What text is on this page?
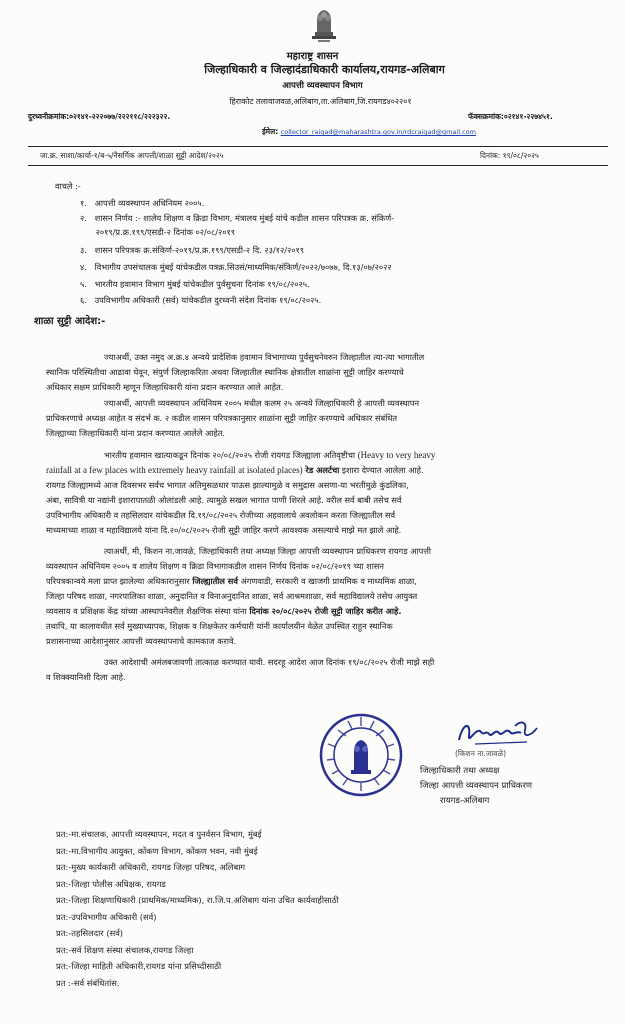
महाराष्ट्र शासन
जिल्हाधिकारी व जिल्हादंडाधिकारी कार्यालय,रायगड-अलिबाग
आपत्ती व्यवस्थापन विभाग
हिराकोट तलावाजवळ,अलिबाग,ता.अलिबाग,जि.रायगड४०२२०१
दुरध्वनीक्रमांक:०२१४१-२२२०७७/२२२११८/२२२३२२.	फॅक्सक्रमांक:०२१४१-२२७४५१.
ईमेल: collector_raigad@maharashtra.gov.in/rdcraigad@gmail.com
जा.क्र. साशा/कार्या-१/ब-५/नैसर्गिक आपत्ती/शाळा सुट्टी आदेश/२०२५	दिनांक: १९/०८/२०२५
वाचले :-
१.   आपत्ती व्यवस्थापन अधिनियम २००५.
२.   शासन निर्णय :- शालेय शिक्षण व क्रिडा विभाग, मंत्रालय मुंबई यांचे कडील शासन परिपत्रक क्र. संकिर्ण-
२०१९/प्र.क्र.१९९/एसडी-२ दिनांक ०२/०८/२०१९
३.   शासन परिपत्रक क्र.संकिर्ण-२०१९/प्र.क्र.१९९/एसडी-२ दि. २३/१२/२०१९
४.   विभागीय उपसंचालक मुंबई यांचेकडील पत्रक्र.सिउसं/माध्यमिक/संकिर्ण/२०२२/७०७७, दि.१३/०७/२०२२
५.   भारतीय हवामान विभाग मुंबई यांचेकडील पुर्वसुचना दिनांक १९/०८/२०२५.
६.   उपविभागीय अधिकारी (सर्व) यांचेकडील दुरध्वनी संदेश दिनांक १९/०८/२०२५.
शाळा सुट्टी आदेश:-
ज्याअर्थी, उक्त नमुद अ.क्र.४ अन्वये प्रादेशिक हवामान विभागाच्या पुर्वसुचनेवरुन जिल्हातील त्या-त्या भागातील
स्थानिक परिस्थितीचा आढावा घेवून, संपुर्ण जिल्हाकरिता अथवा जिल्हातील स्थानिक क्षेत्रातील शाळांना सुट्टी जाहिर करण्याचे
अधिकार सक्षम प्राधिकारी म्हणून जिल्हाधिकारी यांना प्रदान करण्यात आले आहेत.
ज्याअर्थी, आपत्ती व्यवस्थापन अधिनियम २००५ मधील कलम २५ अन्वये जिल्हाधिकारी हे आपत्ती व्यवस्थापन
प्राधिकरणाचे अध्यक्ष आहेत व संदर्भ क. २ कडील शासन परिपत्रकानुसार शाळांना सुट्टी जाहिर करण्याचे अधिकार संबंधित
जिल्ह्याच्या जिल्हाधिकारी यांना प्रदान करण्यात आलेले आहेत.
भारतीय हवामान खात्याकडून दिनांक २०/०८/२०२५ रोजी रायगड जिल्ह्याला अतिवृष्टीचा (Heavy to very heavy
rainfall at a few places with extremely heavy rainfall at isolated places) रेड अलर्टचा इशारा देण्यात आलेला आहे.
रायगड जिल्ह्यामध्ये आज दिवसभर सर्वच भागात अतिमुसळधार पाऊस झाल्यामुळे व समुद्रास असणा-या भरतीमुळे कुंडलिका,
अंबा, सावित्री या नद्यांनी इशारापातळी ओलांडली आहे. त्यामुळे सखल भागात पाणी शिरले आहे. वरील सर्व बाबी तसेच सर्व
उपविभागीय अधिकारी व तहसिलदार यांचेकडील दि.१९/०८/२०२५ रोजीच्या अहवालाचे अवलोकन करता जिल्ह्यातील सर्व
माध्यमाच्या शाळा व महाविद्यालये यांना दि.२०/०८/२०२५ रोजी सुट्टी जाहिर करणे आवश्यक असल्याचे माझे मत झाले आहे.
त्याअर्थी, मी, किशन ना.जावळे, जिल्हाधिकारी तथा अध्यक्ष जिल्हा आपत्ती व्यवस्थापन प्राधिकरण रायगड आपत्ती
व्यवस्थापन अधिनियम २००५ व शालेय शिक्षण व क्रिडा विभागाकडील शासन निर्णय दिनांक ०२/०८/२०१९ च्या शासन
परिपत्रकान्वये मला प्राप्त झालेल्या अधिकारानुसार जिल्ह्यातील सर्व अंगणवाडी, सरकारी व खाजगी प्राथमिक व माध्यमिक शाळा,
जिल्हा परिषद शाळा, नगरपालिका शाळा, अनुदानित व विनाअनुदानित शाळा, सर्व आश्रमशाळा, सर्व महाविद्यालये तसेच आयुक्त
व्यवसाय व प्रशिक्षक केंद्र यांच्या आस्थापनेवरील शैक्षणिक संस्था यांना दिनांक २०/०८/२०२५ रोजी सुट्टी जाहिर करीत आहे.
तथापि, या कालावधीत सर्व मुख्याध्यापक, शिक्षक व शिक्षकेतर कर्मचारी यांनी कार्यालयीन वेळेत उपस्थित राहुन स्थानिक
प्रशासनाच्या आदेशानुसार आपत्ती व्यवस्थापनाचे कामकाज करावे.
उक्त आदेशाची अमंलबजावणी तात्काळ करण्यात यावी. सदरहू आदेश आज दिनांक १९/०८/२०२५ रोजी माझे सही
व शिक्क्यानिशी दिला आहे.
(किशन ना.जावळे)
जिल्हाधिकारी तथा अध्यक्ष
जिल्हा आपत्ती व्यवस्थापन प्राधिकरण
रायगड-अलिबाग
प्रत:-मा.संचालक, आपत्ती व्यवस्थापन, मदत व पुनर्वसन विभाग, मुंबई
प्रत:-मा.विभागीय आयुक्त, कोंकण विभाग, कोंकण भवन, नवी मुंबई
प्रत:-मुख्य कार्यकारी अधिकारी, रायगड जिल्हा परिषद, अलिबाग
प्रत:-जिल्हा पोलीस अधिक्षक, रायगड
प्रत:-जिल्हा शिक्षणाधिकारी (प्राथमिक/माध्यमिक), रा.जि.प.अलिबाग यांना उचित कार्यवाहीसाठी
प्रत:-उपविभागीय अधिकारी (सर्व)
प्रत:-तहसिलदार (सर्व)
प्रत:-सर्व शिक्षण संस्था संचालक,रायगड जिल्हा
प्रत:-जिल्हा माहिती अधिकारी,रायगड यांना प्रसिध्दीसाठी
प्रत :-सर्व संबंधितांस.
